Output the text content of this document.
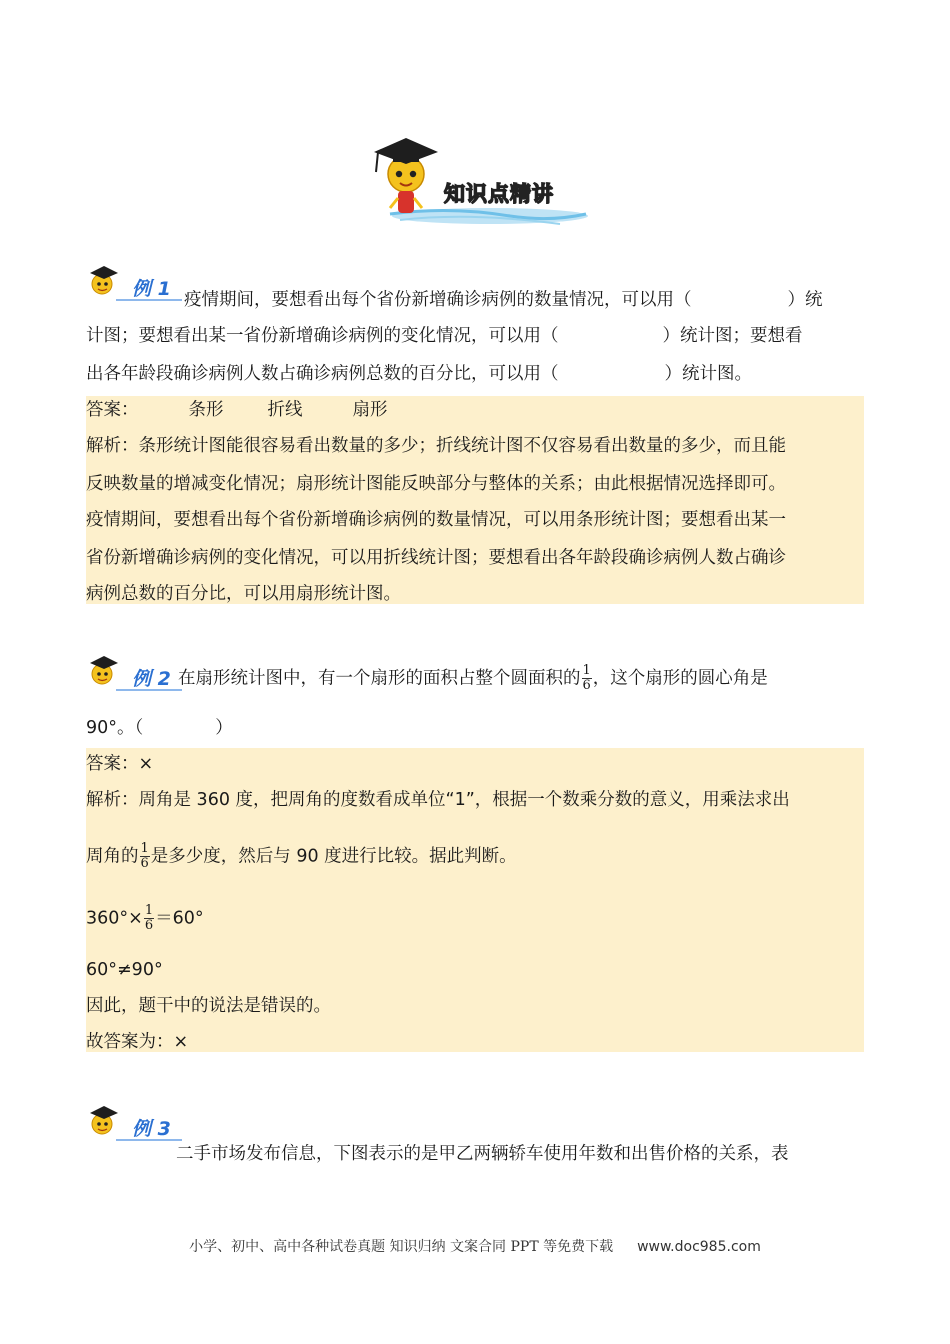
知识点精讲
例 1 疫情期间，要想看出每个省份新增确诊病例的数量情况，可以用（	）统
计图；要想看出某一省份新增确诊病例的变化情况，可以用（	）统计图；要想看
出各年龄段确诊病例人数占确诊病例总数的百分比，可以用（	）统计图。
答案：	条形	折线	扇形
解析：条形统计图能很容易看出数量的多少；折线统计图不仅容易看出数量的多少，而且能
反映数量的增减变化情况；扇形统计图能反映部分与整体的关系；由此根据情况选择即可。
疫情期间，要想看出每个省份新增确诊病例的数量情况，可以用条形统计图；要想看出某一
省份新增确诊病例的变化情况，可以用折线统计图；要想看出各年龄段确诊病例人数占确诊
病例总数的百分比，可以用扇形统计图。
例 2 在扇形统计图中，有一个扇形的面积占整个圆面积的 $\frac{1}{6}$ ，这个扇形的圆心角是
90°。（	）
答案：×
解析：周角是 360 度，把周角的度数看成单位“1”，根据一个数乘分数的意义，用乘法求出
周角的 $\frac{1}{6}$ 是多少度，然后与 90 度进行比较。据此判断。
$360^\circ\times \frac{1}{6} =60^\circ$
60°≠90°
因此，题干中的说法是错误的。
故答案为：×
例 3
二手市场发布信息，下图表示的是甲乙两辆轿车使用年数和出售价格的关系，表
小学、初中、高中各种试卷真题 知识归纳 文案合同 PPT 等免费下载 www.doc985.com
